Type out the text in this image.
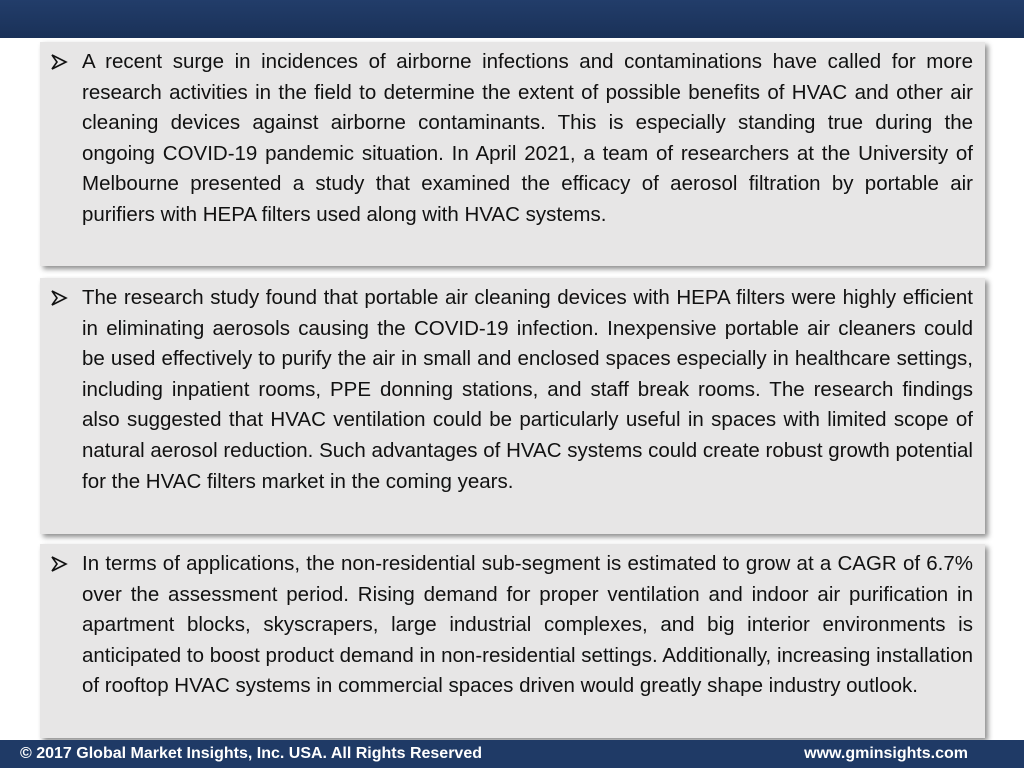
A recent surge in incidences of airborne infections and contaminations have called for more research activities in the field to determine the extent of possible benefits of HVAC and other air cleaning devices against airborne contaminants. This is especially standing true during the ongoing COVID-19 pandemic situation. In April 2021, a team of researchers at the University of Melbourne presented a study that examined the efficacy of aerosol filtration by portable air purifiers with HEPA filters used along with HVAC systems.

The research study found that portable air cleaning devices with HEPA filters were highly efficient in eliminating aerosols causing the COVID-19 infection. Inexpensive portable air cleaners could be used effectively to purify the air in small and enclosed spaces especially in healthcare settings, including inpatient rooms, PPE donning stations, and staff break rooms. The research findings also suggested that HVAC ventilation could be particularly useful in spaces with limited scope of natural aerosol reduction. Such advantages of HVAC systems could create robust growth potential for the HVAC filters market in the coming years.

In terms of applications, the non-residential sub-segment is estimated to grow at a CAGR of 6.7% over the assessment period. Rising demand for proper ventilation and indoor air purification in apartment blocks, skyscrapers, large industrial complexes, and big interior environments is anticipated to boost product demand in non-residential settings. Additionally, increasing installation of rooftop HVAC systems in commercial spaces driven would greatly shape industry outlook.

© 2017 Global Market Insights, Inc. USA. All Rights Reserved	www.gminsights.com
